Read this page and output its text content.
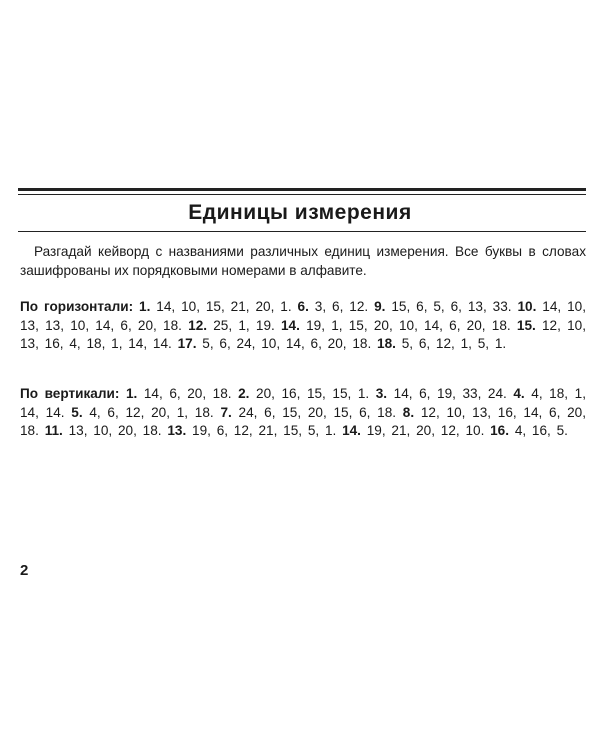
Единицы измерения
Разгадай кейворд с названиями различных единиц измерения. Все буквы в словах зашифрованы их порядковыми номерами в алфавите.
По горизонтали: 1. 14, 10, 15, 21, 20, 1. 6. 3, 6, 12. 9. 15, 6, 5, 6, 13, 33. 10. 14, 10, 13, 13, 10, 14, 6, 20, 18. 12. 25, 1, 19. 14. 19, 1, 15, 20, 10, 14, 6, 20, 18. 15. 12, 10, 13, 16, 4, 18, 1, 14, 14. 17. 5, 6, 24, 10, 14, 6, 20, 18. 18. 5, 6, 12, 1, 5, 1.
По вертикали: 1. 14, 6, 20, 18. 2. 20, 16, 15, 15, 1. 3. 14, 6, 19, 33, 24. 4. 4, 18, 1, 14, 14. 5. 4, 6, 12, 20, 1, 18. 7. 24, 6, 15, 20, 15, 6, 18. 8. 12, 10, 13, 16, 14, 6, 20, 18. 11. 13, 10, 20, 18. 13. 19, 6, 12, 21, 15, 5, 1. 14. 19, 21, 20, 12, 10. 16. 4, 16, 5.
2
